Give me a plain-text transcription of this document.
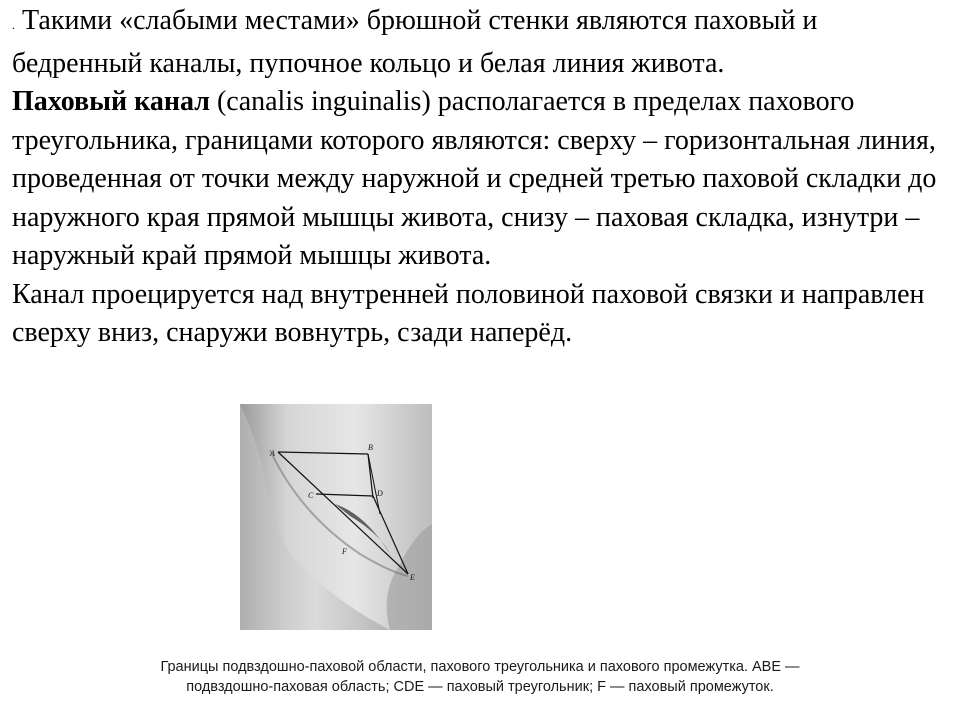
. Такими «слабыми местами» брюшной стенки являются паховый и бедренный каналы, пупочное кольцо и белая линия живота.

Паховый канал (canalis inguinalis) располагается в пределах пахового треугольника, границами которого являются: сверху – горизонтальная линия, проведенная от точки между наружной и средней третью паховой складки до наружного края прямой мышцы живота, снизу – паховая складка, изнутри – наружный край прямой мышцы живота.

Канал проецируется над внутренней половиной паховой связки и направлен сверху вниз, снаружи вовнутрь, сзади наперёд.

A
B
C	D
F
E
Границы подвздошно-паховой области, пахового треугольника и пахового промежутка. ABE —
подвздошно-паховая область; CDE — паховый треугольник; F — паховый промежуток.
